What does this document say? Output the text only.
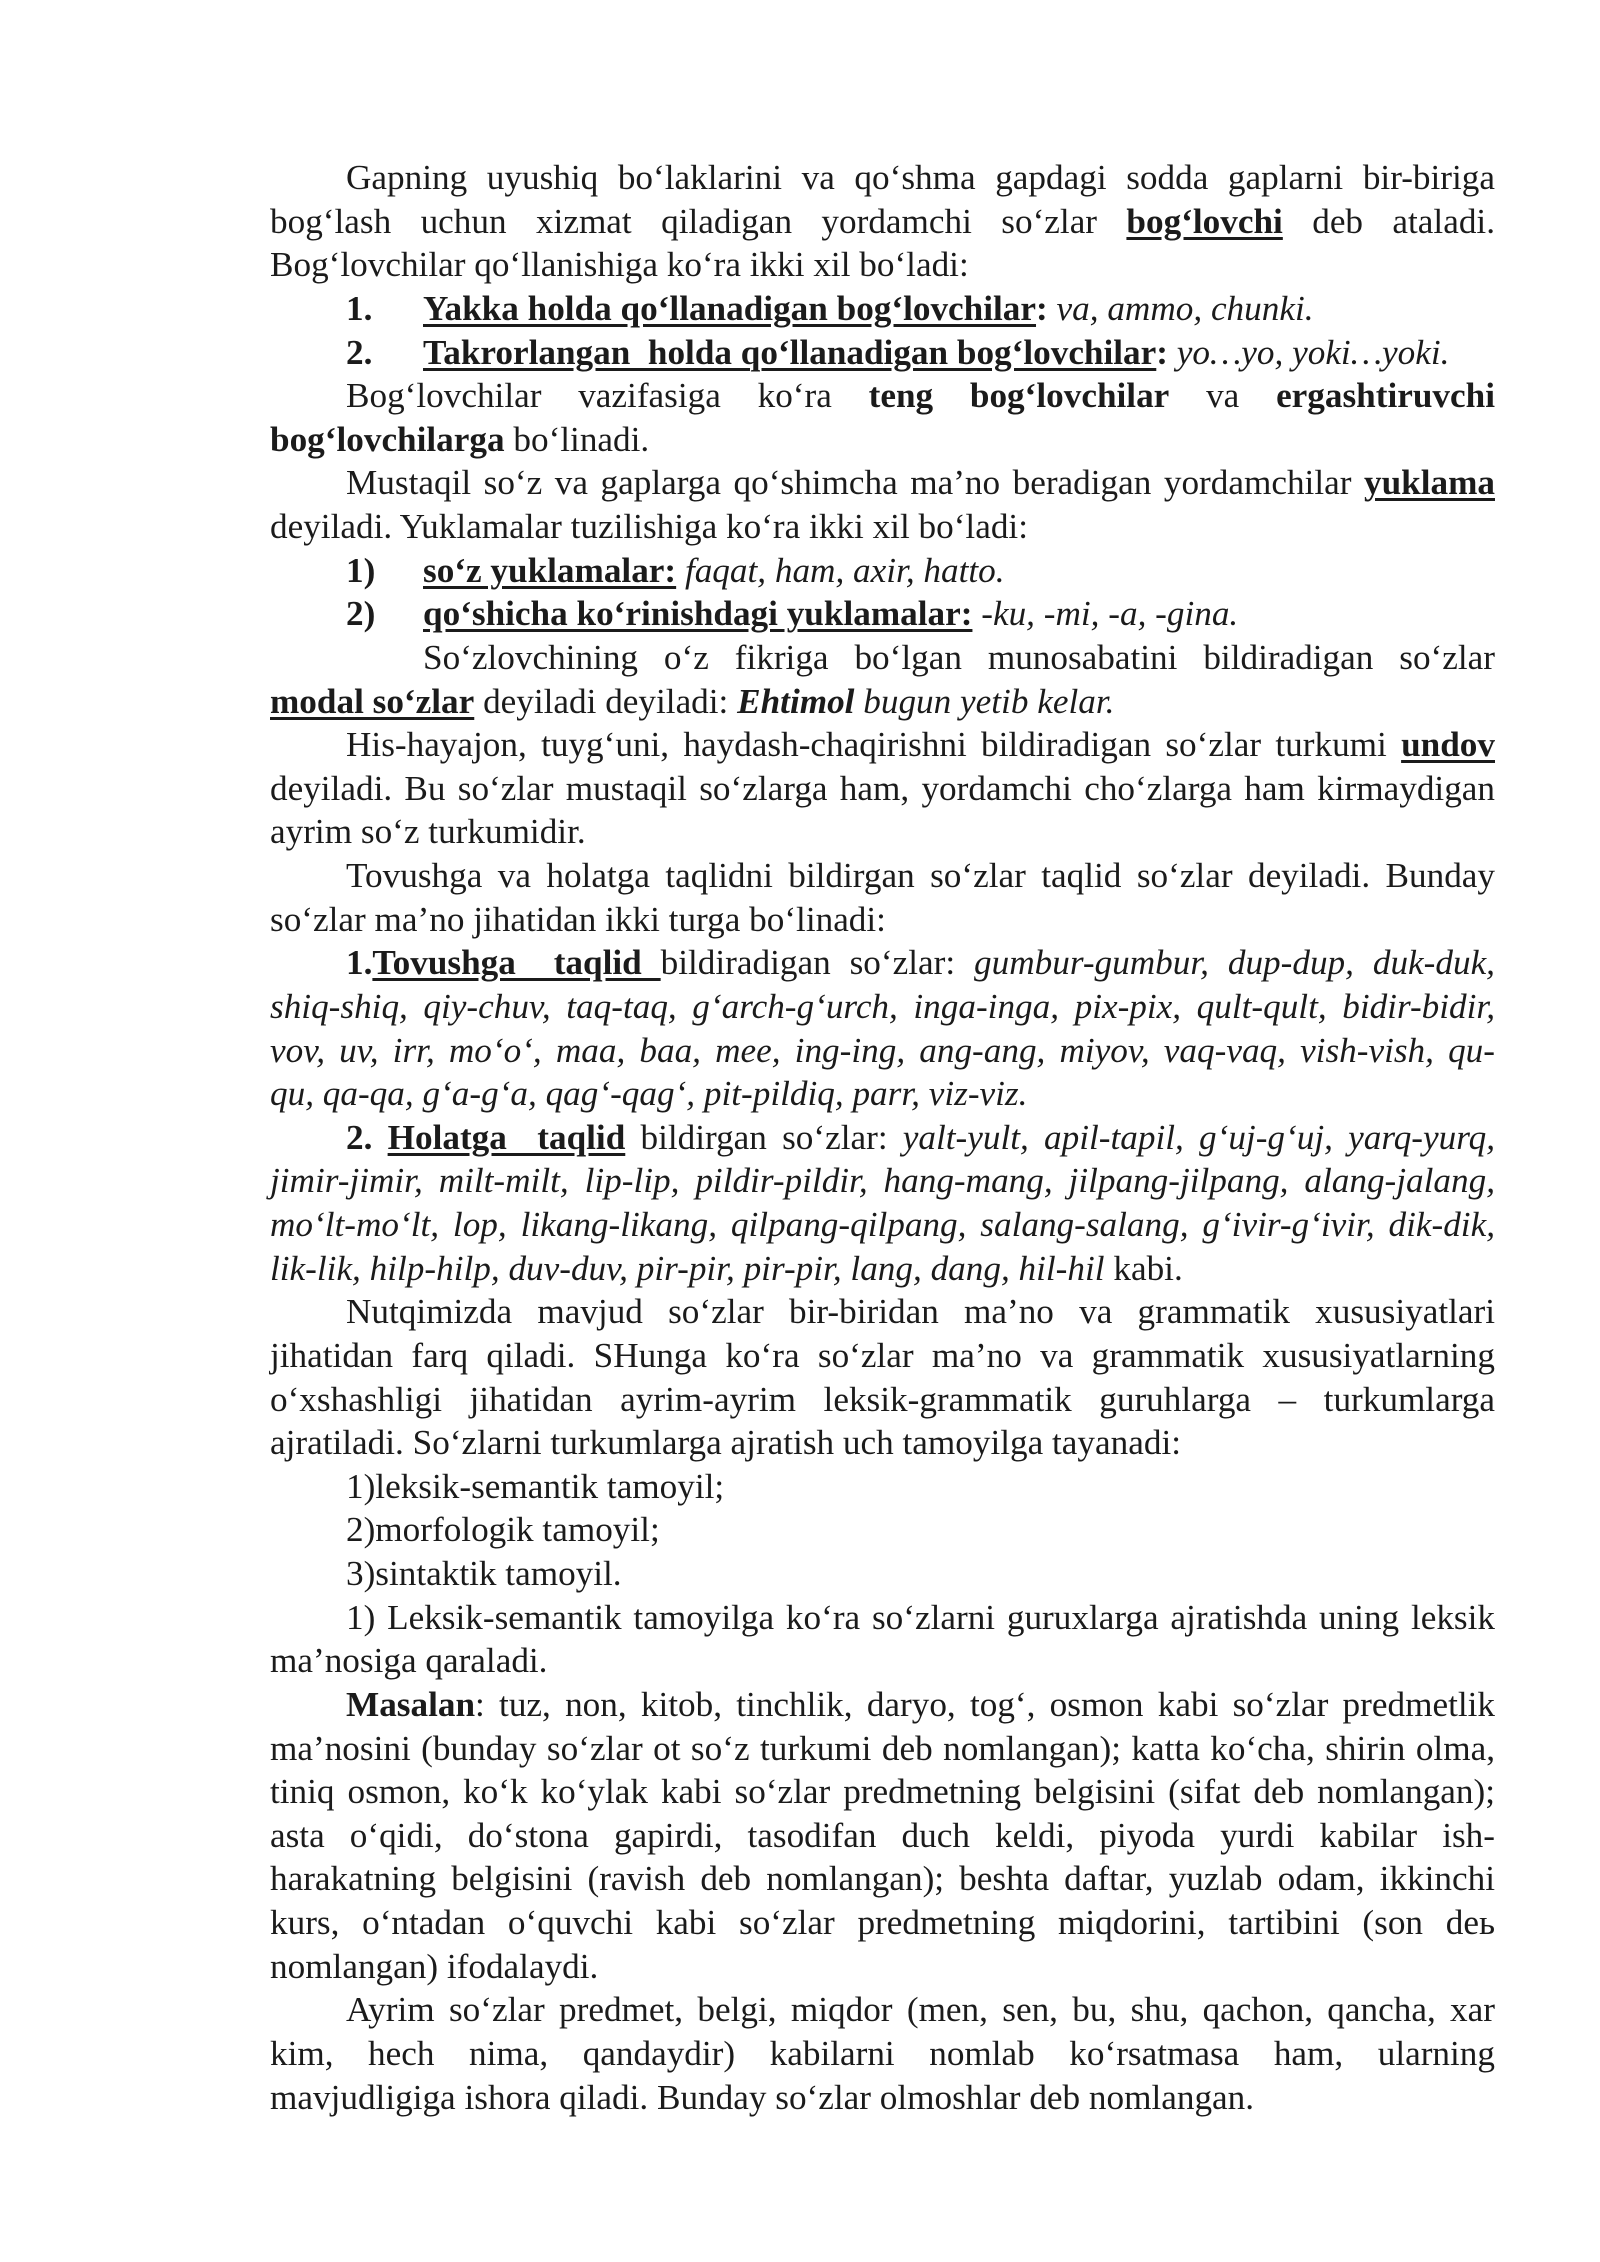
Gapning uyushiq bo‘laklarini va qo‘shma gapdagi sodda gaplarni bir-biriga
bog‘lash uchun xizmat qiladigan yordamchi so‘zlar bog‘lovchi deb ataladi.
Bog‘lovchilar qo‘llanishiga ko‘ra ikki xil bo‘ladi:
1. Yakka holda qo‘llanadigan bog‘lovchilar: va, ammo, chunki.
2. Takrorlangan  holda qo‘llanadigan bog‘lovchilar: yo…yo, yoki…yoki.
Bog‘lovchilar vazifasiga ko‘ra teng bog‘lovchilar va ergashtiruvchi
bog‘lovchilarga bo‘linadi.
Mustaqil so‘z va gaplarga qo‘shimcha ma’no beradigan yordamchilar yuklama
deyiladi. Yuklamalar tuzilishiga ko‘ra ikki xil bo‘ladi:
1) so‘z yuklamalar: faqat, ham, axir, hatto.
2) qo‘shicha ko‘rinishdagi yuklamalar: -ku, -mi, -a, -gina.
So‘zlovchining o‘z fikriga bo‘lgan munosabatini bildiradigan so‘zlar
modal so‘zlar deyiladi deyiladi: Ehtimol bugun yetib kelar.
His-hayajon, tuyg‘uni, haydash-chaqirishni bildiradigan so‘zlar turkumi undov
deyiladi. Bu so‘zlar mustaqil so‘zlarga ham, yordamchi cho‘zlarga ham kirmaydigan
ayrim so‘z turkumidir.
Tovushga va holatga taqlidni bildirgan so‘zlar taqlid so‘zlar deyiladi. Bunday
so‘zlar ma’no jihatidan ikki turga bo‘linadi:
1.Tovushga  taqlid bildiradigan so‘zlar: gumbur-gumbur, dup-dup, duk-duk,
shiq-shiq, qiy-chuv, taq-taq, g‘arch-g‘urch, inga-inga, pix-pix, qult-qult, bidir-bidir,
vov, uv, irr, mo‘o‘, maa, baa, mee, ing-ing, ang-ang, miyov, vaq-vaq, vish-vish, qu-
qu, qa-qa, g‘a-g‘a, qag‘-qag‘, pit-pildiq, parr, viz-viz.
2. Holatga  taqlid bildirgan so‘zlar: yalt-yult, apil-tapil, g‘uj-g‘uj, yarq-yurq,
jimir-jimir, milt-milt, lip-lip, pildir-pildir, hang-mang, jilpang-jilpang, alang-jalang,
mo‘lt-mo‘lt, lop, likang-likang, qilpang-qilpang, salang-salang, g‘ivir-g‘ivir, dik-dik,
lik-lik, hilp-hilp, duv-duv, pir-pir, pir-pir, lang, dang, hil-hil kabi.
Nutqimizda mavjud so‘zlar bir-biridan ma’no va grammatik xususiyatlari
jihatidan farq qiladi. SHunga ko‘ra so‘zlar ma’no va grammatik xususiyatlarning
o‘xshashligi jihatidan ayrim-ayrim leksik-grammatik guruhlarga – turkumlarga
ajratiladi. So‘zlarni turkumlarga ajratish uch tamoyilga tayanadi:
1)leksik-semantik tamoyil;
2)morfologik tamoyil;
3)sintaktik tamoyil.
1) Leksik-semantik tamoyilga ko‘ra so‘zlarni guruxlarga ajratishda uning leksik
ma’nosiga qaraladi.
Masalan: tuz, non, kitob, tinchlik, daryo, tog‘, osmon kabi so‘zlar predmetlik
ma’nosini (bunday so‘zlar ot so‘z turkumi deb nomlangan); katta ko‘cha, shirin olma,
tiniq osmon, ko‘k ko‘ylak kabi so‘zlar predmetning belgisini (sifat deb nomlangan);
asta o‘qidi, do‘stona gapirdi, tasodifan duch keldi, piyoda yurdi kabilar ish-
harakatning belgisini (ravish deb nomlangan); beshta daftar, yuzlab odam, ikkinchi
kurs, o‘ntadan o‘quvchi kabi so‘zlar predmetning miqdorini, tartibini (son deь
nomlangan) ifodalaydi.
Ayrim so‘zlar predmet, belgi, miqdor (men, sen, bu, shu, qachon, qancha, xar
kim, hech nima, qandaydir) kabilarni nomlab ko‘rsatmasa ham, ularning
mavjudligiga ishora qiladi. Bunday so‘zlar olmoshlar deb nomlangan.
